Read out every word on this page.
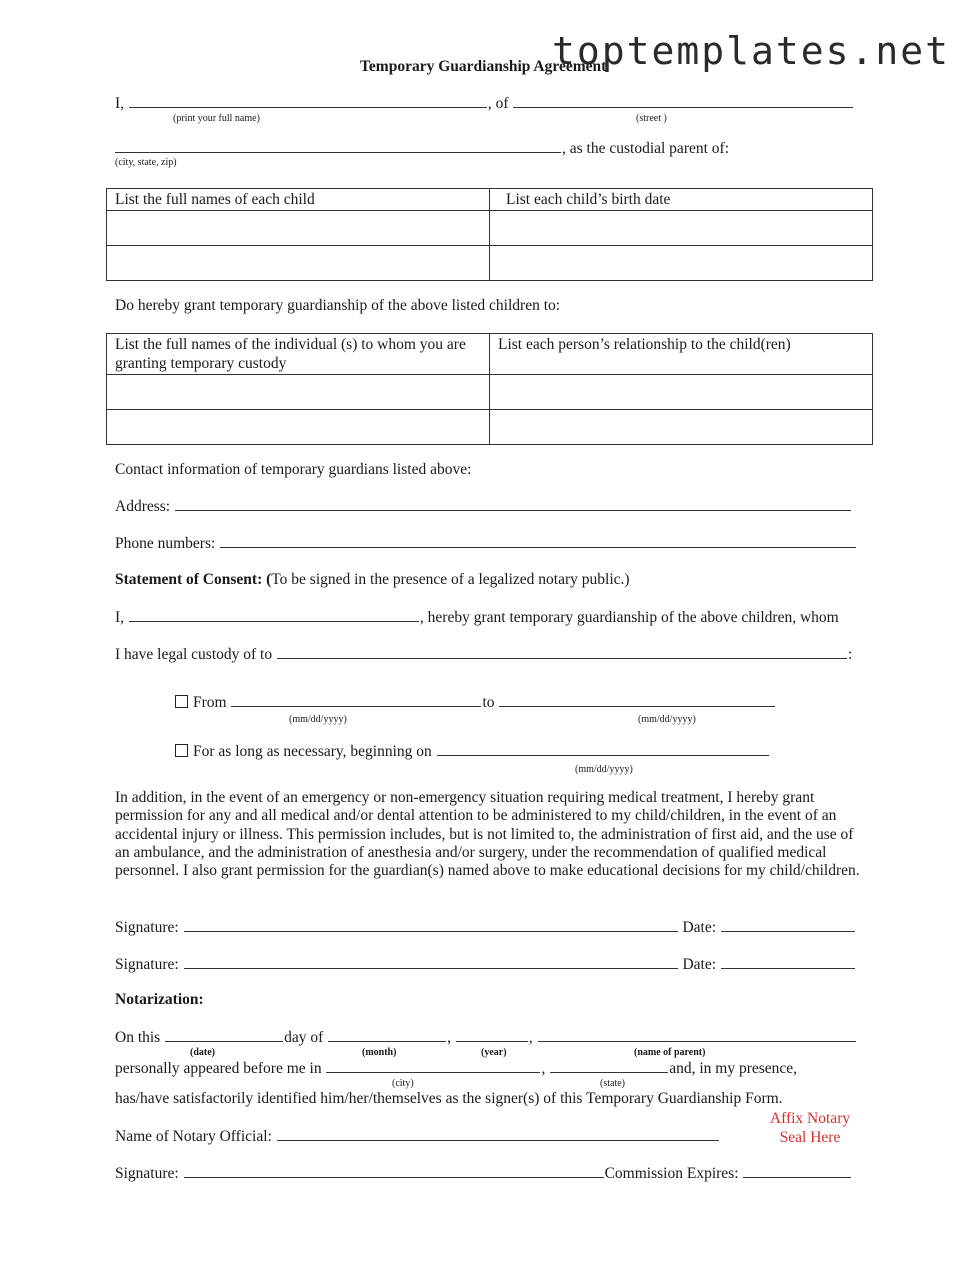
toptemplates.net
Temporary Guardianship Agreement
I,	, of
(print your full name)	(street )
, as the custodial parent of:
(city, state, zip)
List the full names of each child	List each child’s birth date

Do hereby grant temporary guardianship of the above listed children to:
List the full names of the individual (s) to whom you are granting temporary custody	List each person’s relationship to the child(ren)

Contact information of temporary guardians listed above:
Address:
Phone numbers:
Statement of Consent: (To be signed in the presence of a legalized notary public.)
I,	, hereby grant temporary guardianship of the above children, whom
I have legal custody of to	:
From	to
(mm/dd/yyyy)	(mm/dd/yyyy)
For as long as necessary, beginning on
(mm/dd/yyyy)
In addition, in the event of an emergency or non-emergency situation requiring medical treatment, I hereby grant permission for any and all medical and/or dental attention to be administered to my child/children, in the event of an accidental injury or illness. This permission includes, but is not limited to, the administration of first aid, and the use of an ambulance, and the administration of anesthesia and/or surgery, under the recommendation of qualified medical personnel. I also grant permission for the guardian(s) named above to make educational decisions for my child/children.
Signature:	Date:
Signature:	Date:
Notarization:
On this	day of	,	,
(date)	(month)	(year)	(name of parent)
personally appeared before me in	,	and, in my presence,
(city)	(state)
has/have satisfactorily identified him/her/themselves as the signer(s) of this Temporary Guardianship Form.
Name of Notary Official:
Affix Notary
Seal Here
Signature:	Commission Expires:
